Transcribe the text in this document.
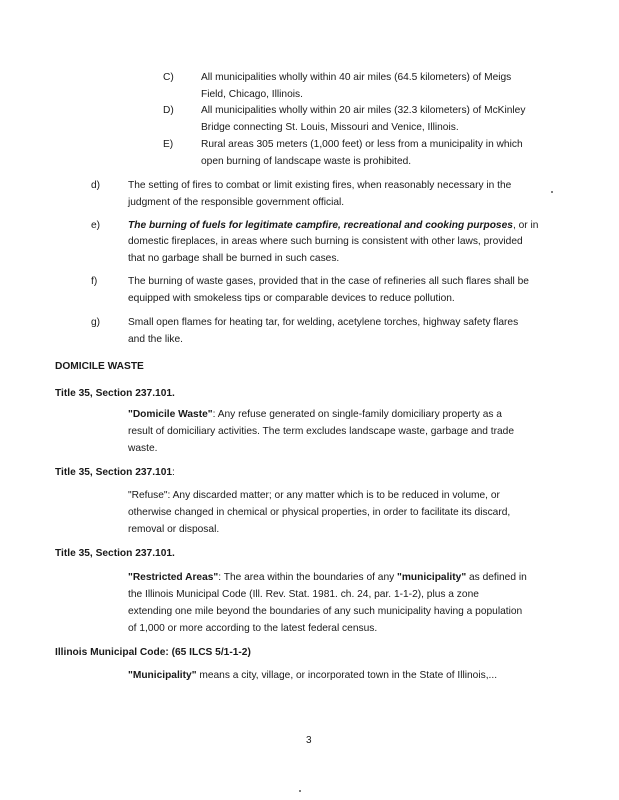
C)	All municipalities wholly within 40 air miles (64.5 kilometers) of Meigs
Field, Chicago, Illinois.
D)	All municipalities wholly within 20 air miles (32.3 kilometers) of McKinley
Bridge connecting St. Louis, Missouri and Venice, Illinois.
E)	Rural areas 305 meters (1,000 feet) or less from a municipality in which
open burning of landscape waste is prohibited.
d)	The setting of fires to combat or limit existing fires, when reasonably necessary in the
judgment of the responsible government official.
e)	The burning of fuels for legitimate campfire, recreational and cooking purposes, or in
domestic fireplaces, in areas where such burning is consistent with other laws, provided
that no garbage shall be burned in such cases.
f)	The burning of waste gases, provided that in the case of refineries all such flares shall be
equipped with smokeless tips or comparable devices to reduce pollution.
g)	Small open flames for heating tar, for welding, acetylene torches, highway safety flares
and the like.
DOMICILE WASTE
Title 35, Section 237.101.
"Domicile Waste": Any refuse generated on single-family domiciliary property as a
result of domiciliary activities. The term excludes landscape waste, garbage and trade
waste.
Title 35, Section 237.101:
"Refuse": Any discarded matter; or any matter which is to be reduced in volume, or
otherwise changed in chemical or physical properties, in order to facilitate its discard,
removal or disposal.
Title 35, Section 237.101.
"Restricted Areas": The area within the boundaries of any "municipality" as defined in
the Illinois Municipal Code (Ill. Rev. Stat. 1981. ch. 24, par. 1-1-2), plus a zone
extending one mile beyond the boundaries of any such municipality having a population
of 1,000 or more according to the latest federal census.
Illinois Municipal Code: (65 ILCS 5/1-1-2)
"Municipality" means a city, village, or incorporated town in the State of Illinois,...
3
